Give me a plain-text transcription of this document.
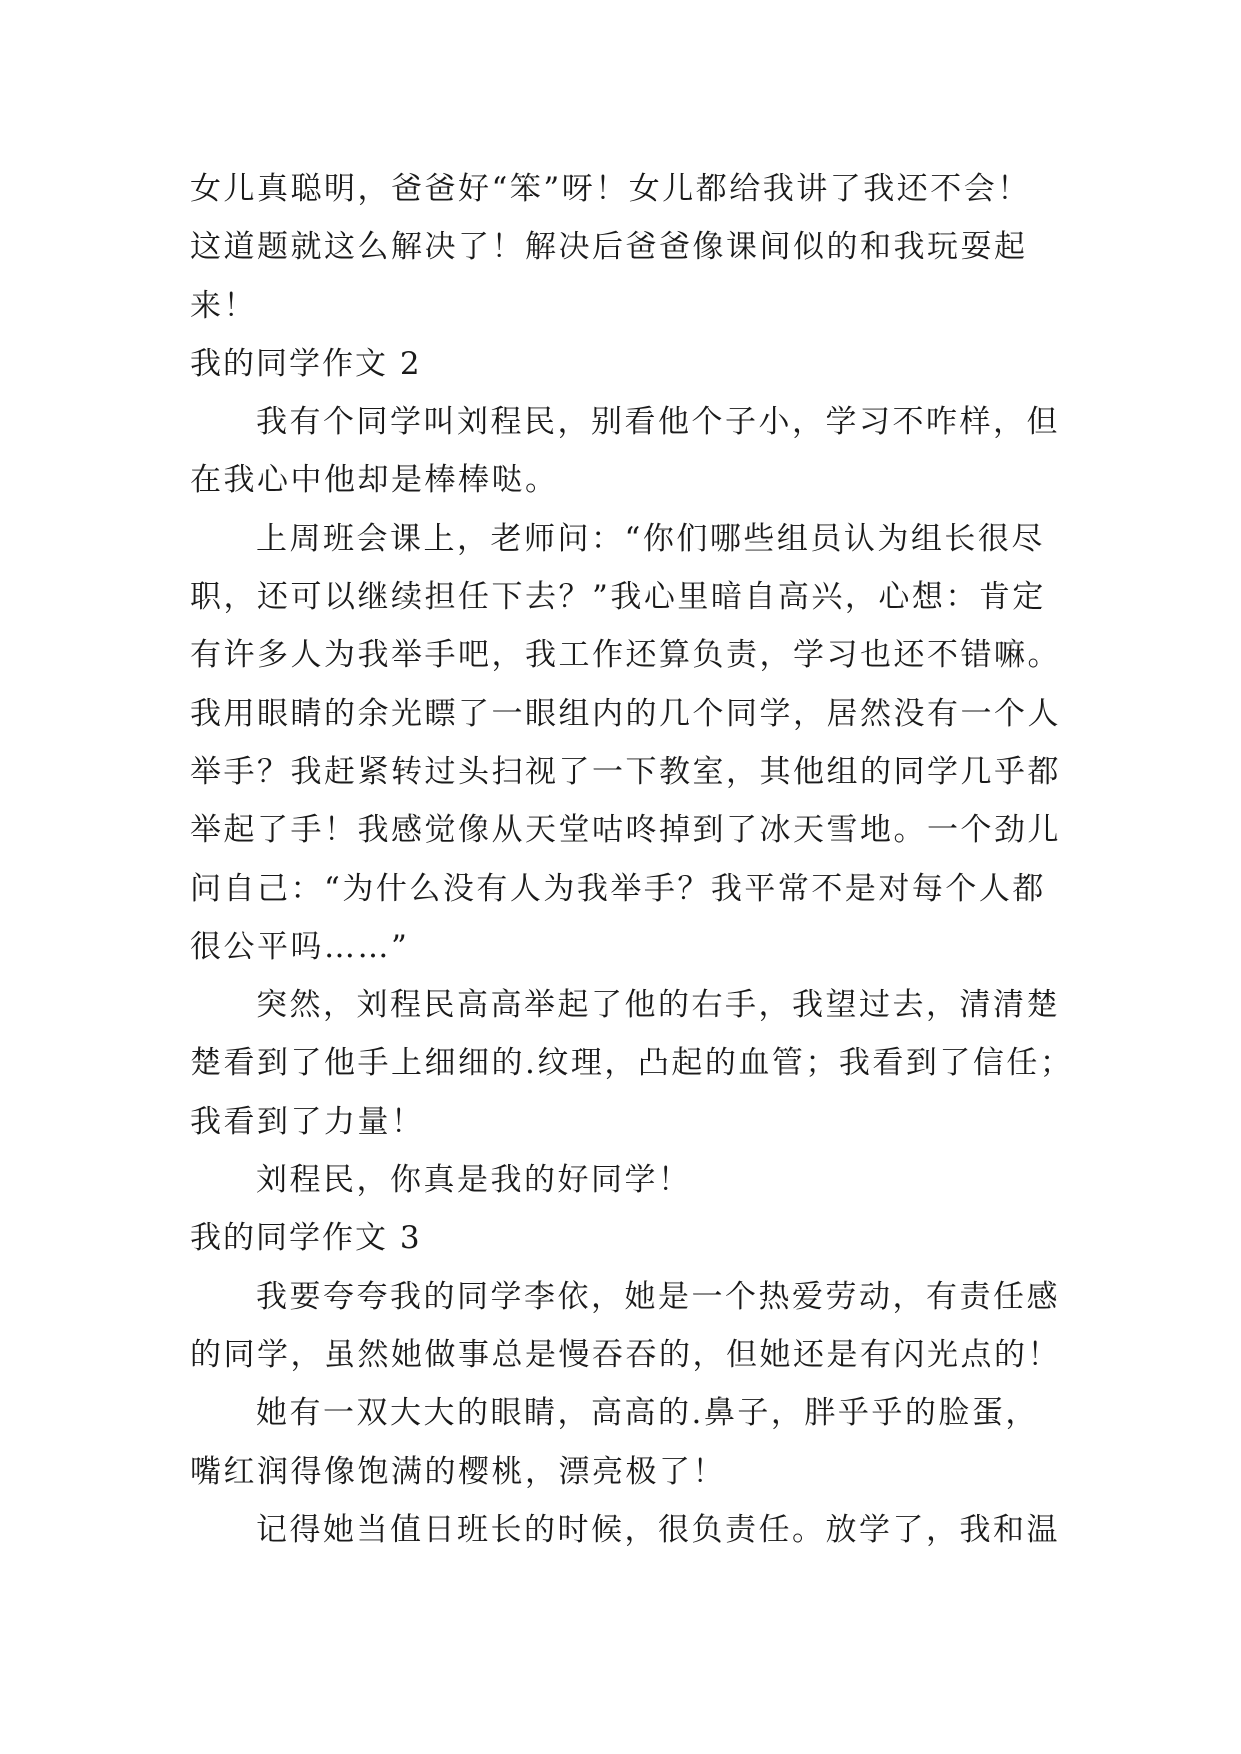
女儿真聪明，爸爸好“笨”呀！女儿都给我讲了我还不会！
这道题就这么解决了！解决后爸爸像课间似的和我玩耍起
来！
我的同学作文 2
我有个同学叫刘程民，别看他个子小，学习不咋样，但
在我心中他却是棒棒哒。
上周班会课上，老师问：“你们哪些组员认为组长很尽
职，还可以继续担任下去？”我心里暗自高兴，心想：肯定
有许多人为我举手吧，我工作还算负责，学习也还不错嘛。
我用眼睛的余光瞟了一眼组内的几个同学，居然没有一个人
举手？我赶紧转过头扫视了一下教室，其他组的同学几乎都
举起了手！我感觉像从天堂咕咚掉到了冰天雪地。一个劲儿
问自己：“为什么没有人为我举手？我平常不是对每个人都
很公平吗……”
突然，刘程民高高举起了他的右手，我望过去，清清楚
楚看到了他手上细细的.纹理，凸起的血管；我看到了信任；
我看到了力量！
刘程民，你真是我的好同学！
我的同学作文 3
我要夸夸我的同学李依，她是一个热爱劳动，有责任感
的同学，虽然她做事总是慢吞吞的，但她还是有闪光点的！
她有一双大大的眼睛，高高的.鼻子，胖乎乎的脸蛋，
嘴红润得像饱满的樱桃，漂亮极了！
记得她当值日班长的时候，很负责任。放学了，我和温
